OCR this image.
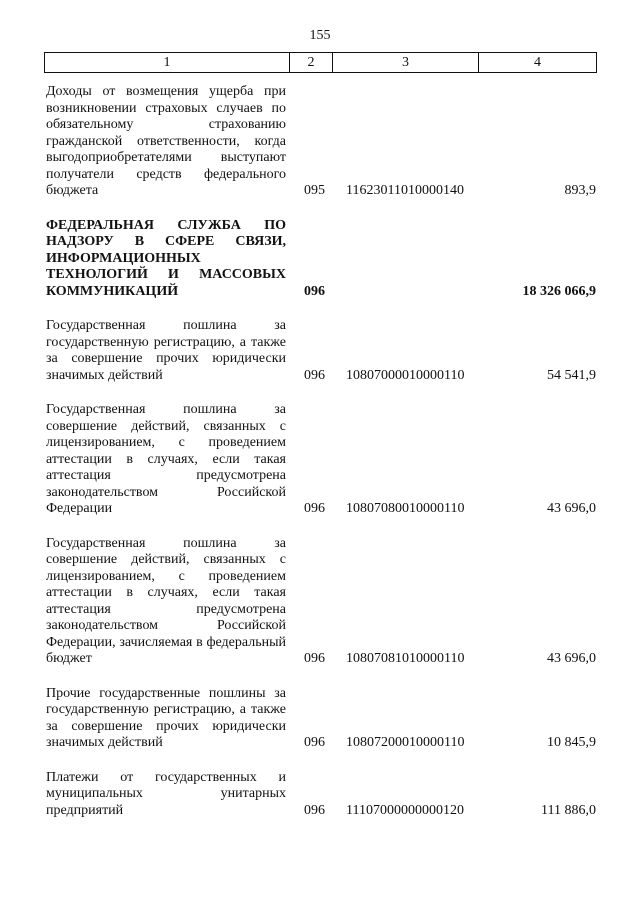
155
1	2	3	4
Доходы от возмещения ущерба при возникновении страховых случаев по обязательному страхованию гражданской ответственности, когда выгодоприобретателями выступают получатели средств федерального бюджета	095 11623011010000140	893,9
ФЕДЕРАЛЬНАЯ СЛУЖБА ПО НАДЗОРУ В СФЕРЕ СВЯЗИ, ИНФОРМАЦИОННЫХ ТЕХНОЛОГИЙ И МАССОВЫХ КОММУНИКАЦИЙ	096	18 326 066,9
Государственная пошлина за государственную регистрацию, а также за совершение прочих юридически значимых действий	096 10807000010000110	54 541,9
Государственная пошлина за совершение действий, связанных с лицензированием, с проведением аттестации в случаях, если такая аттестация предусмотрена законодательством Российской Федерации	096 10807080010000110	43 696,0
Государственная пошлина за совершение действий, связанных с лицензированием, с проведением аттестации в случаях, если такая аттестация предусмотрена законодательством Российской Федерации, зачисляемая в федеральный бюджет	096 10807081010000110	43 696,0
Прочие государственные пошлины за государственную регистрацию, а также за совершение прочих юридически значимых действий	096 10807200010000110	10 845,9
Платежи от государственных и муниципальных унитарных предприятий	096 11107000000000120	111 886,0
